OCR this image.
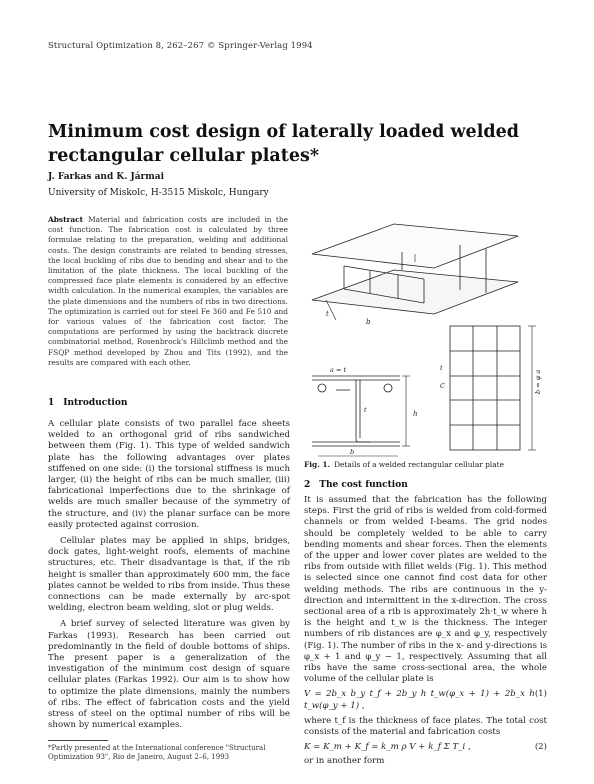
Structural Optimization 8, 262–267 © Springer-Verlag 1994
Minimum cost design of laterally loaded welded rectangular cellular plates*
J. Farkas and K. Jármai
University of Miskolc, H-3515 Miskolc, Hungary
Abstract Material and fabrication costs are included in the cost function. The fabrication cost is calculated by three formulae relating to the preparation, welding and additional costs. The design constraints are related to bending stresses, the local buckling of ribs due to bending and shear and to the limitation of the plate thickness. The local buckling of the compressed face plate elements is considered by an effective width calculation. In the numerical examples, the variables are the plate dimensions and the numbers of ribs in two directions. The optimization is carried out for steel Fe 360 and Fe 510 and for various values of the fabrication cost factor. The computations are performed by using the backtrack discrete combinatorial method, Rosenbrock's Hillclimb method and the FSQP method developed by Zhou and Tits (1992), and the results are compared with each other.
t
b
a = t
h
t
b
b = φ a
t
C
Fig. 1. Details of a welded rectangular cellular plate
1 Introduction

A cellular plate consists of two parallel face sheets welded to an orthogonal grid of ribs sandwiched between them (Fig. 1). This type of welded sandwich plate has the following advantages over plates stiffened on one side: (i) the torsional stiffness is much larger, (ii) the height of ribs can be much smaller, (iii) fabricational imperfections due to the shrinkage of welds are much smaller because of the symmetry of the structure, and (iv) the planar surface can be more easily protected against corrosion.

Cellular plates may be applied in ships, bridges, dock gates, light-weight roofs, elements of machine structures, etc. Their disadvantage is that, if the rib height is smaller than approximately 600 mm, the face plates cannot be welded to ribs from inside. Thus these connections can be made externally by arc-spot welding, electron beam welding, slot or plug welds.

A brief survey of selected literature was given by Farkas (1993). Research has been carried out predominantly in the field of double bottoms of ships. The present paper is a generalization of the investigation of the minimum cost design of square cellular plates (Farkas 1992). Our aim is to show how to optimize the plate dimensions, mainly the numbers of ribs. The effect of fabrication costs and the yield stress of steel on the optimal number of ribs will be shown by numerical examples.

*Partly presented at the International conference "Structural Optimization 93", Rio de Janeiro, August 2–6, 1993
2 The cost function

It is assumed that the fabrication has the following steps. First the grid of ribs is welded from cold-formed channels or from welded I-beams. The grid nodes should be completely welded to be able to carry bending moments and shear forces. Then the elements of the upper and lower cover plates are welded to the ribs from outside with fillet welds (Fig. 1). This method is selected since one cannot find cost data for other welding methods. The ribs are continuous in the y-direction and intermittent in the x-direction. The cross sectional area of a rib is approximately 2h·t_w where h is the height and t_w is the thickness. The integer numbers of rib distances are φ_x and φ_y, respectively (Fig. 1). The number of ribs in the x- and y-directions is φ_x + 1 and φ_y − 1, respectively. Assuming that all ribs have the same cross-sectional area, the whole volume of the cellular plate is

V = 2b_x b_y t_f + 2b_y h t_w(φ_x + 1) + 2b_x h t_w(φ_y + 1) ,
(1)

where t_f is the thickness of face plates. The total cost consists of the material and fabrication costs

K = K_m + K_f = k_m ρ V + k_f Σ T_i ,	(2)

or in another form
